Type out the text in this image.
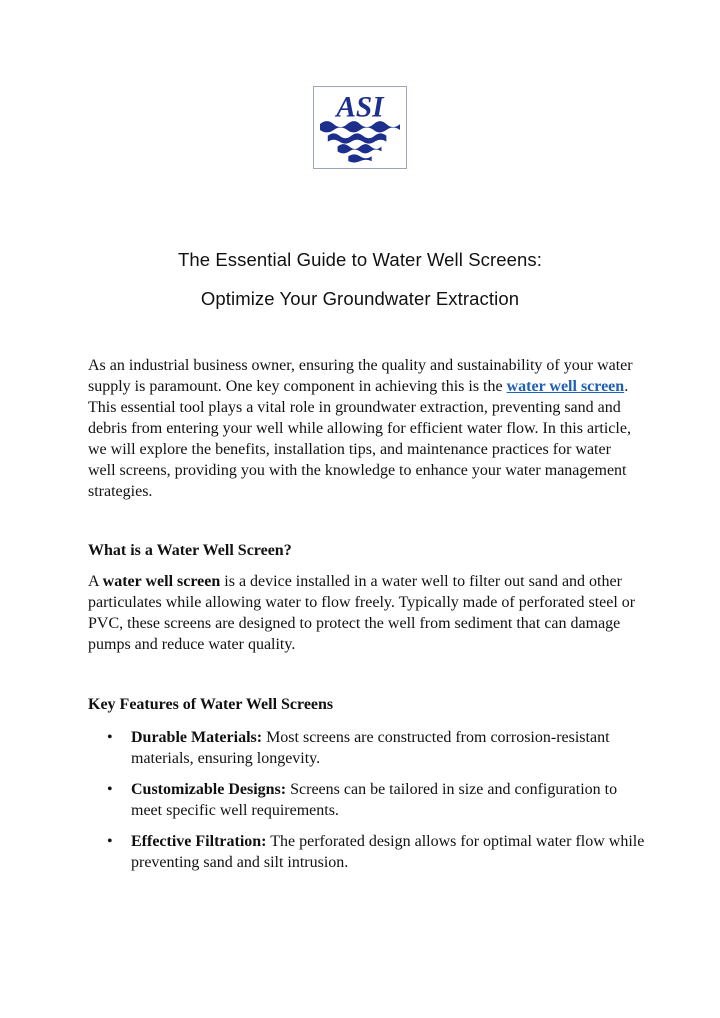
ASI
The Essential Guide to Water Well Screens:
Optimize Your Groundwater Extraction

As an industrial business owner, ensuring the quality and sustainability of your water supply is paramount. One key component in achieving this is the water well screen. This essential tool plays a vital role in groundwater extraction, preventing sand and debris from entering your well while allowing for efficient water flow. In this article, we will explore the benefits, installation tips, and maintenance practices for water well screens, providing you with the knowledge to enhance your water management strategies.

What is a Water Well Screen?

A water well screen is a device installed in a water well to filter out sand and other particulates while allowing water to flow freely. Typically made of perforated steel or PVC, these screens are designed to protect the well from sediment that can damage pumps and reduce water quality.

Key Features of Water Well Screens
• Durable Materials: Most screens are constructed from corrosion-resistant materials, ensuring longevity.
• Customizable Designs: Screens can be tailored in size and configuration to meet specific well requirements.
• Effective Filtration: The perforated design allows for optimal water flow while preventing sand and silt intrusion.
